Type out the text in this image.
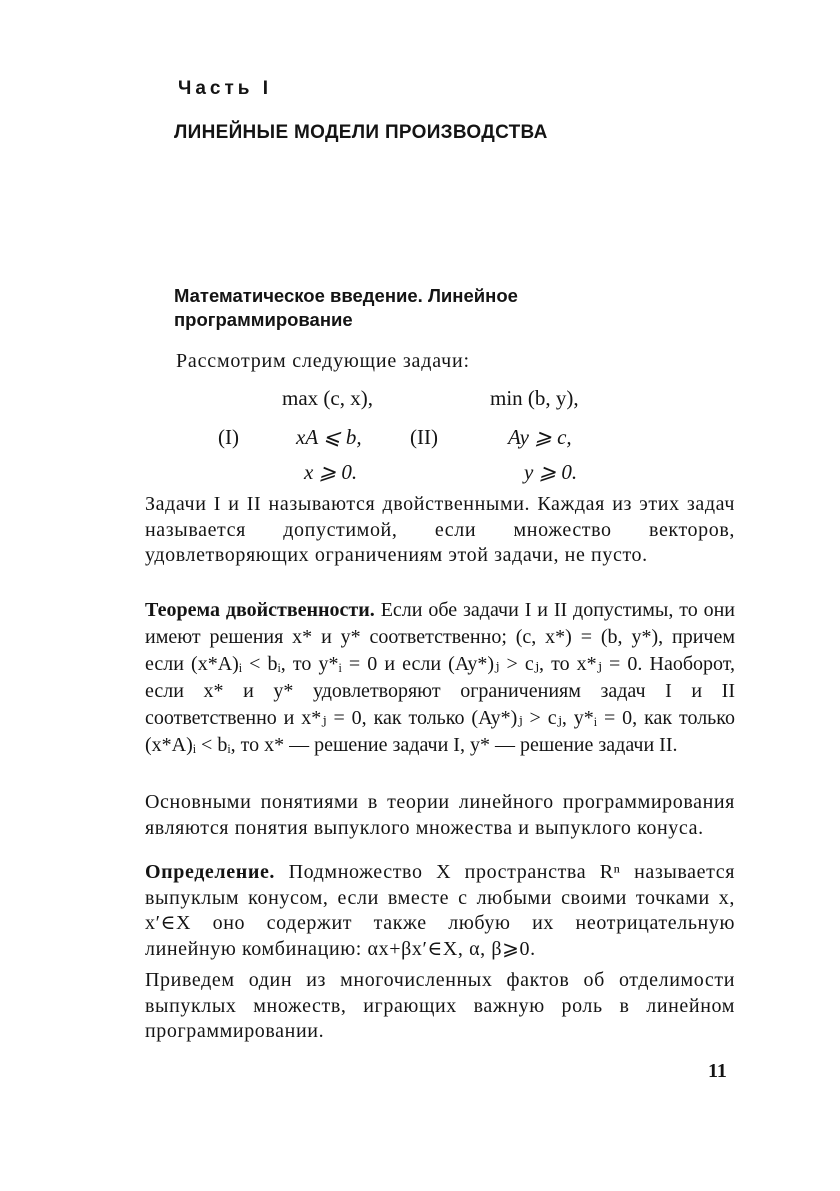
Часть I
ЛИНЕЙНЫЕ МОДЕЛИ ПРОИЗВОДСТВА
Математическое введение. Линейное программирование
Рассмотрим следующие задачи:
max (c, x),
(I)	xA ⩽ b,
x ⩾ 0.
min (b, y),
(II)	Ay ⩾ c,
y ⩾ 0.
Задачи I и II называются двойственными. Каждая из этих задач называется допустимой, если множество векторов, удовлетворяющих ограничениям этой задачи, не пусто.
Теорема двойственности. Если обе задачи I и II допустимы, то они имеют решения x* и y* соответственно; (c, x*) = (b, y*), причем если (x*A)ᵢ < bᵢ, то y*ᵢ = 0 и если (Ay*)ⱼ > cⱼ, то x*ⱼ = 0. Наоборот, если x* и y* удовлетворяют ограничениям задач I и II соответственно и x*ⱼ = 0, как только (Ay*)ⱼ > cⱼ, y*ᵢ = 0, как только (x*A)ᵢ < bᵢ, то x* — решение задачи I, y* — решение задачи II.
Основными понятиями в теории линейного программирования являются понятия выпуклого множества и выпуклого конуса.
Определение. Подмножество X пространства Rⁿ называется выпуклым конусом, если вместе с любыми своими точками x, x′∈X оно содержит также любую их неотрицательную линейную комбинацию: αx+βx′∈X, α, β⩾0.
Приведем один из многочисленных фактов об отделимости выпуклых множеств, играющих важную роль в линейном программировании.
11
